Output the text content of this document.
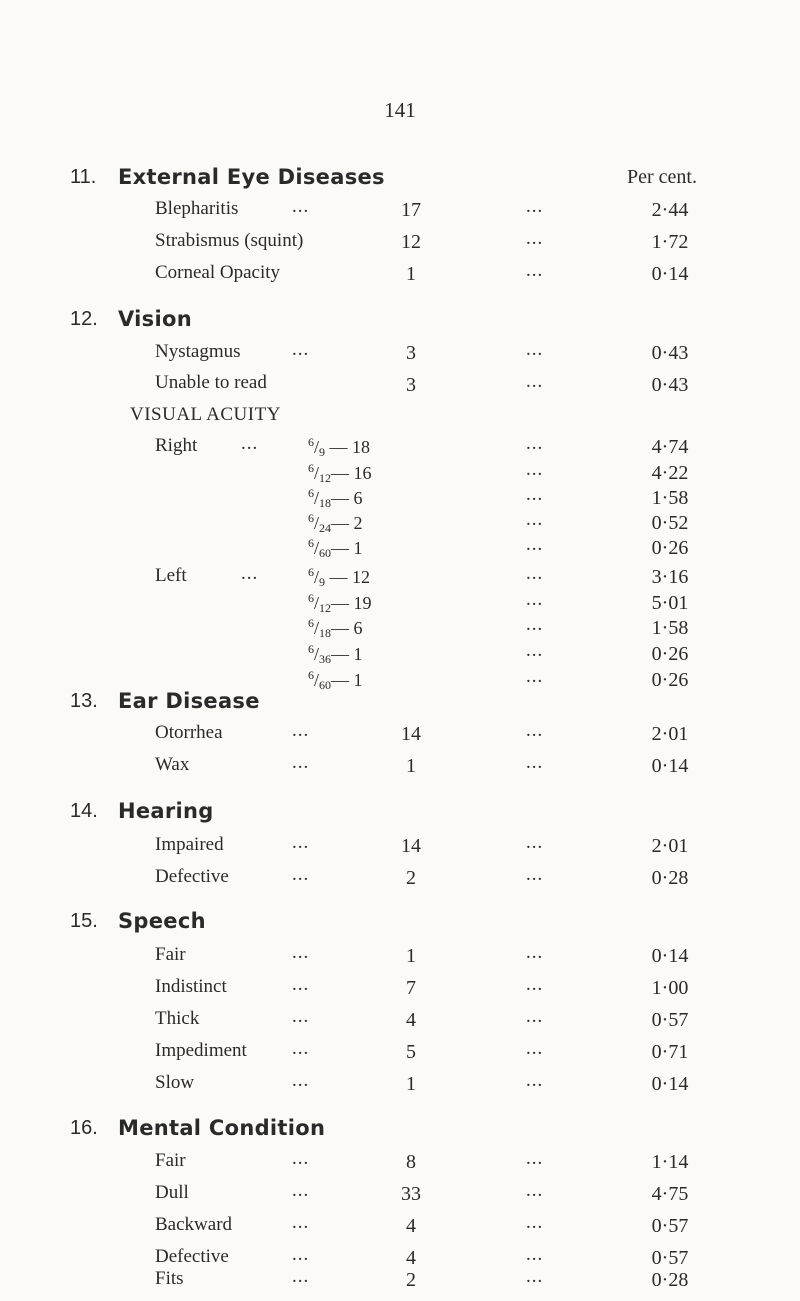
141
11. External Eye Diseases	Per cent.
Blepharitis	...	17	...	2·44
Strabismus (squint)	12	...	1·72
Corneal Opacity	1	...	0·14
12. Vision
Nystagmus	...	3	...	0·43
Unable to read	3	...	0·43
VISUAL ACUITY
Right ...	$^6/_9$ — 18	...	4·74
$^6/_{12}—$ 16	...	4·22
$^6/_{18}—$ 6	...	1·58
$^6/_{24}—$ 2	...	0·52
$^6/_{60}—$ 1	...	0·26
Left	...	$^6/_9$ — 12	...	3·16
$^6/_{12}—$ 19	...	5·01
$^6/_{18}—$ 6	...	1·58
$^6/_{36}—$ 1	...	0·26
$^6/_{60}—$ 1	...	0·26
13. Ear Disease
Otorrhea	...	14	...	2·01
Wax	...	1	...	0·14
14. Hearing
Impaired	...	14	...	2·01
Defective	...	2	...	0·28
15. Speech
Fair	...	1	...	0·14
Indistinct	...	7	...	1·00
Thick	...	4	...	0·57
Impediment ...	5	...	0·71
Slow	...	1	...	0·14
16. Mental Condition
Fair	...	8	...	1·14
Dull	...	33	...	4·75
Backward	...	4	...	0·57
Defective	...	4	...	0·57
Fits	...	2	...	0·28
